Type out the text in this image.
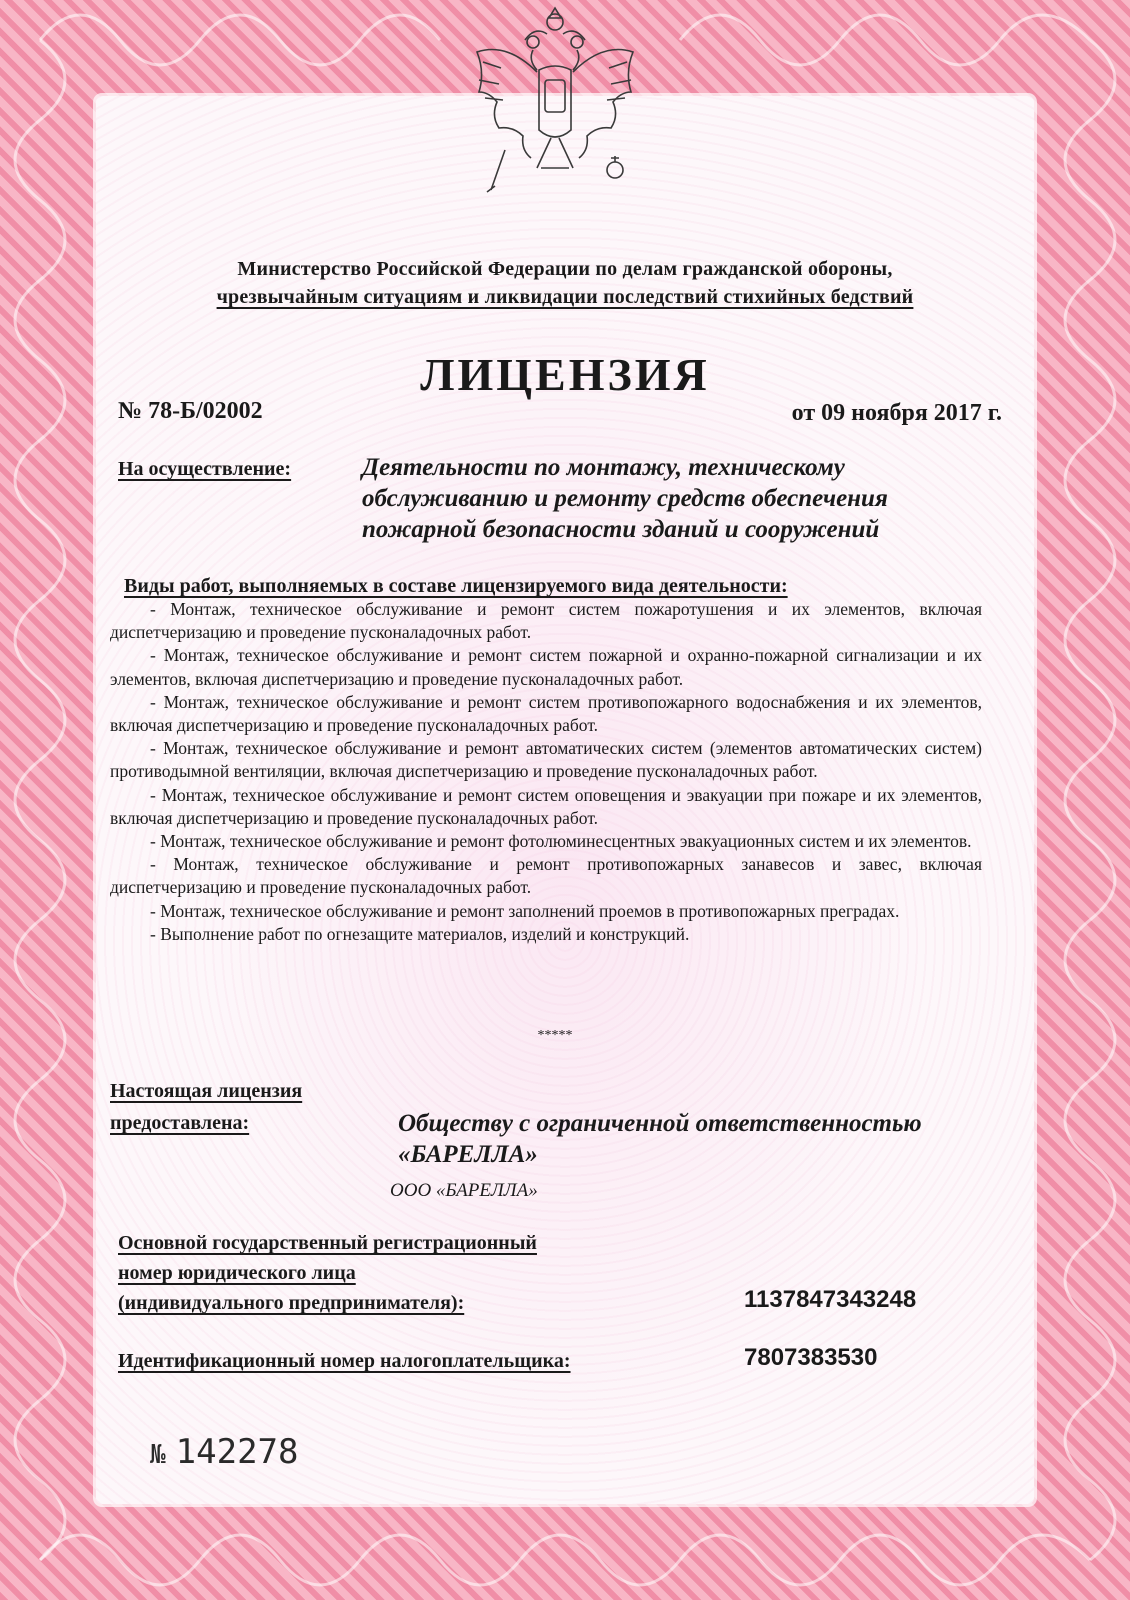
Министерство Российской Федерации по делам гражданской обороны,
чрезвычайным ситуациям и ликвидации последствий стихийных бедствий
ЛИЦЕНЗИЯ
№ 78-Б/02002	от 09 ноября 2017 г.
На осуществление:	Деятельности по монтажу, техническому обслуживанию и ремонту средств обеспечения пожарной безопасности зданий и сооружений
Виды работ, выполняемых в составе лицензируемого вида деятельности:

- Монтаж, техническое обслуживание и ремонт систем пожаротушения и их элементов, включая диспетчеризацию и проведение пусконаладочных работ.

- Монтаж, техническое обслуживание и ремонт систем пожарной и охранно-пожарной сигнализации и их элементов, включая диспетчеризацию и проведение пусконаладочных работ.

- Монтаж, техническое обслуживание и ремонт систем противопожарного водоснабжения и их элементов, включая диспетчеризацию и проведение пусконаладочных работ.

- Монтаж, техническое обслуживание и ремонт автоматических систем (элементов автоматических систем) противодымной вентиляции, включая диспетчеризацию и проведение пусконаладочных работ.

- Монтаж, техническое обслуживание и ремонт систем оповещения и эвакуации при пожаре и их элементов, включая диспетчеризацию и проведение пусконаладочных работ.

- Монтаж, техническое обслуживание и ремонт фотолюминесцентных эвакуационных систем и их элементов.

- Монтаж, техническое обслуживание и ремонт противопожарных занавесов и завес, включая диспетчеризацию и проведение пусконаладочных работ.

- Монтаж, техническое обслуживание и ремонт заполнений проемов в противопожарных преградах.

- Выполнение работ по огнезащите материалов, изделий и конструкций.

*****
Настоящая лицензия
предоставлена:	Обществу с ограниченной ответственностью «БАРЕЛЛА»
ООО «БАРЕЛЛА»
Основной государственный регистрационный
номер юридического лица
(индивидуального предпринимателя):	1137847343248
Идентификационный номер налогоплательщика:	7807383530
№ 142278
